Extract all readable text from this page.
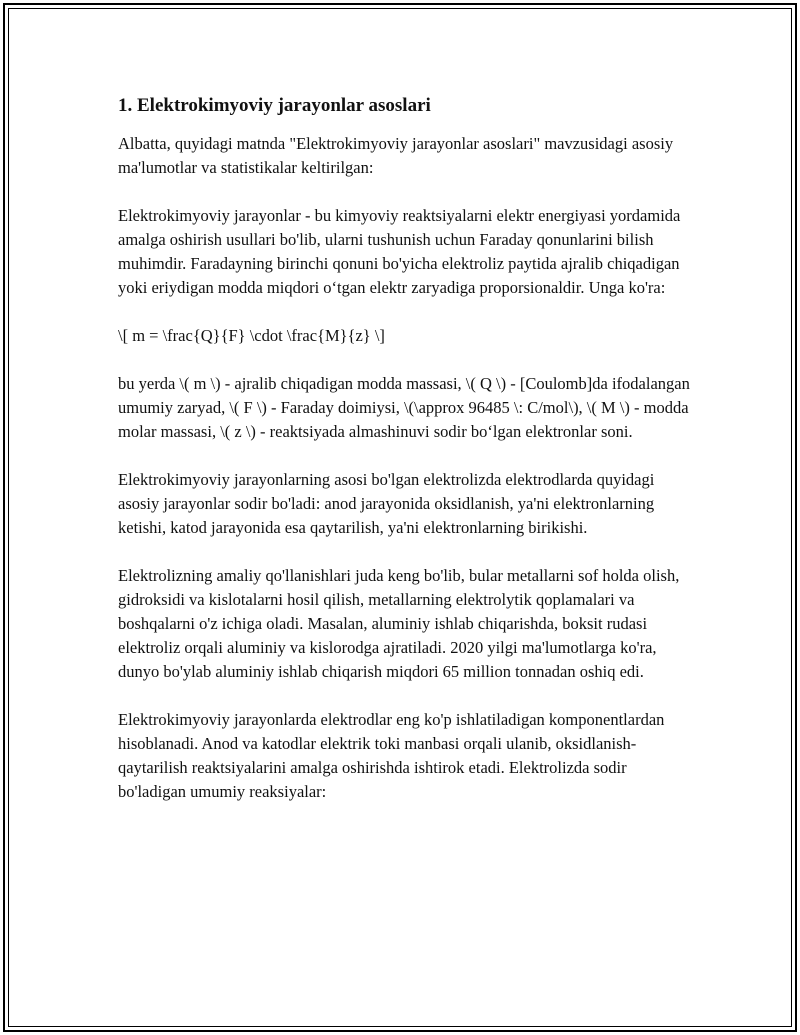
1. Elektrokimyoviy jarayonlar asoslari

Albatta, quyidagi matnda "Elektrokimyoviy jarayonlar asoslari" mavzusidagi asosiy ma'lumotlar va statistikalar keltirilgan:

Elektrokimyoviy jarayonlar - bu kimyoviy reaktsiyalarni elektr energiyasi yordamida amalga oshirish usullari bo'lib, ularni tushunish uchun Faraday qonunlarini bilish muhimdir. Faradayning birinchi qonuni bo'yicha elektroliz paytida ajralib chiqadigan yoki eriydigan modda miqdori oʻtgan elektr zaryadiga proporsionaldir. Unga ko'ra:

\[ m = \frac{Q}{F} \cdot \frac{M}{z} \]

bu yerda \( m \) - ajralib chiqadigan modda massasi, \( Q \) - [Coulomb]da ifodalangan umumiy zaryad, \( F \) - Faraday doimiysi, \(\approx 96485 \: C/mol\), \( M \) - modda molar massasi, \( z \) - reaktsiyada almashinuvi sodir boʻlgan elektronlar soni.

Elektrokimyoviy jarayonlarning asosi bo'lgan elektrolizda elektrodlarda quyidagi asosiy jarayonlar sodir bo'ladi: anod jarayonida oksidlanish, ya'ni elektronlarning ketishi, katod jarayonida esa qaytarilish, ya'ni elektronlarning birikishi.

Elektrolizning amaliy qo'llanishlari juda keng bo'lib, bular metallarni sof holda olish, gidroksidi va kislotalarni hosil qilish, metallarning elektrolytik qoplamalari va boshqalarni o'z ichiga oladi. Masalan, aluminiy ishlab chiqarishda, boksit rudasi elektroliz orqali aluminiy va kislorodga ajratiladi. 2020 yilgi ma'lumotlarga ko'ra, dunyo bo'ylab aluminiy ishlab chiqarish miqdori 65 million tonnadan oshiq edi.

Elektrokimyoviy jarayonlarda elektrodlar eng ko'p ishlatiladigan komponentlardan hisoblanadi. Anod va katodlar elektrik toki manbasi orqali ulanib, oksidlanish-qaytarilish reaktsiyalarini amalga oshirishda ishtirok etadi. Elektrolizda sodir bo'ladigan umumiy reaksiyalar:
